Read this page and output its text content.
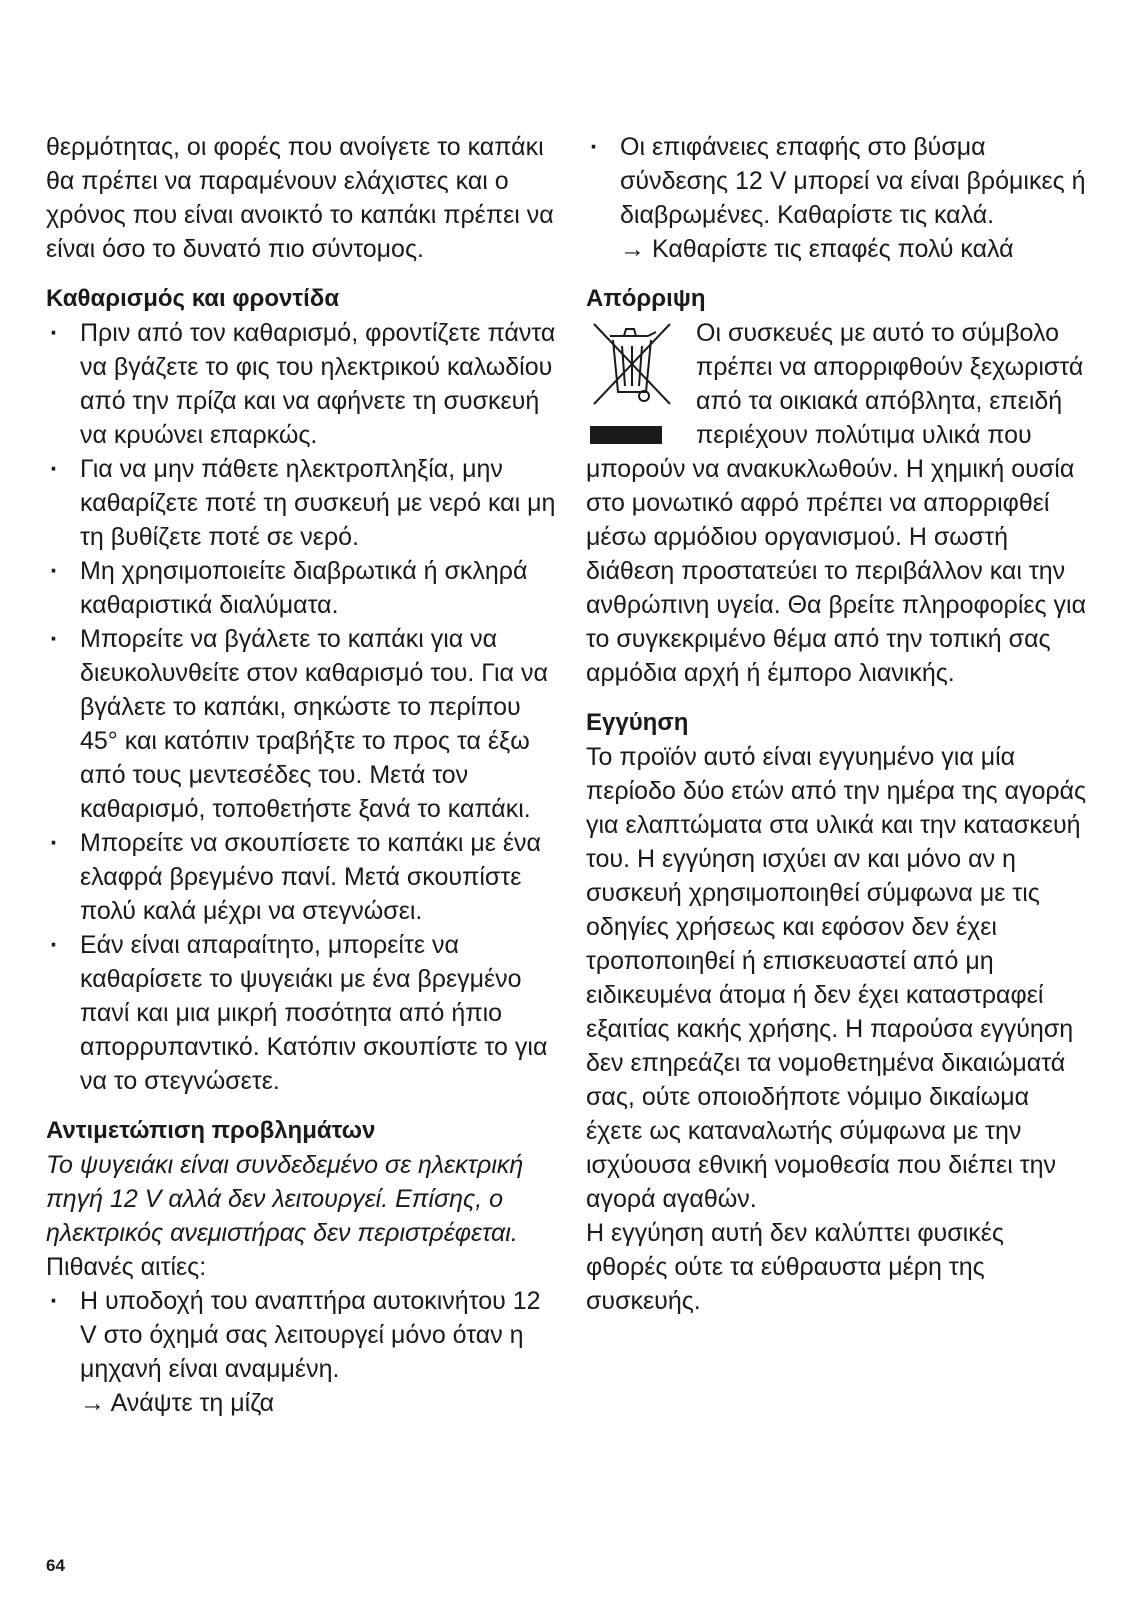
θερμότητας, οι φορές που ανοίγετε το καπάκι θα πρέπει να παραμένουν ελάχιστες και ο χρόνος που είναι ανοικτό το καπάκι πρέπει να είναι όσο το δυνατό πιο σύντομος.

Καθαρισμός και φροντίδα
· Πριν από τον καθαρισμό, φροντίζετε πάντα να βγάζετε το φις του ηλεκτρικού καλωδίου από την πρίζα και να αφήνετε τη συσκευή να κρυώνει επαρκώς.
· Για να μην πάθετε ηλεκτροπληξία, μην καθαρίζετε ποτέ τη συσκευή με νερό και μη τη βυθίζετε ποτέ σε νερό.
· Μη χρησιμοποιείτε διαβρωτικά ή σκληρά καθαριστικά διαλύματα.
· Μπορείτε να βγάλετε το καπάκι για να διευκολυνθείτε στον καθαρισμό του. Για να βγάλετε το καπάκι, σηκώστε το περίπου 45° και κατόπιν τραβήξτε το προς τα έξω από τους μεντεσέδες του. Μετά τον καθαρισμό, τοποθετήστε ξανά το καπάκι.
· Μπορείτε να σκουπίσετε το καπάκι με ένα ελαφρά βρεγμένο πανί. Μετά σκουπίστε πολύ καλά μέχρι να στεγνώσει.
· Εάν είναι απαραίτητο, μπορείτε να καθαρίσετε το ψυγειάκι με ένα βρεγμένο πανί και μια μικρή ποσότητα από ήπιο απορρυπαντικό. Κατόπιν σκουπίστε το για να το στεγνώσετε.
Αντιμετώπιση προβλημάτων

Το ψυγειάκι είναι συνδεδεμένο σε ηλεκτρική πηγή 12 V αλλά δεν λειτουργεί. Επίσης, ο ηλεκτρικός ανεμιστήρας δεν περιστρέφεται.

Πιθανές αιτίες:

· Η υποδοχή του αναπτήρα αυτοκινήτου 12 V στο όχημά σας λειτουργεί μόνο όταν η μηχανή είναι αναμμένη.

→ Ανάψτε τη μίζα

· Οι επιφάνειες επαφής στο βύσμα σύνδεσης 12 V μπορεί να είναι βρόμικες ή διαβρωμένες. Καθαρίστε τις καλά.

→ Καθαρίστε τις επαφές πολύ καλά

Απόρριψη

Οι συσκευές με αυτό το σύμβολο πρέπει να απορριφθούν ξεχωριστά από τα οικιακά απόβλητα, επειδή περιέχουν πολύτιμα υλικά που μπορούν να ανακυκλωθούν. Η χημική ουσία στο μονωτικό αφρό πρέπει να απορριφθεί μέσω αρμόδιου οργανισμού. Η σωστή διάθεση προστατεύει το περιβάλλον και την ανθρώπινη υγεία. Θα βρείτε πληροφορίες για το συγκεκριμένο θέμα από την τοπική σας αρμόδια αρχή ή έμπορο λιανικής.

Εγγύηση

Το προϊόν αυτό είναι εγγυημένο για μία περίοδο δύο ετών από την ημέρα της αγοράς για ελαπτώματα στα υλικά και την κατασκευή του. Η εγγύηση ισχύει αν και μόνο αν η συσκευή χρησιμοποιηθεί σύμφωνα με τις οδηγίες χρήσεως και εφόσον δεν έχει τροποποιηθεί ή επισκευαστεί από μη ειδικευμένα άτομα ή δεν έχει καταστραφεί εξαιτίας κακής χρήσης. Η παρούσα εγγύηση δεν επηρεάζει τα νομοθετημένα δικαιώματά σας, ούτε οποιοδήποτε νόμιμο δικαίωμα έχετε ως καταναλωτής σύμφωνα με την ισχύουσα εθνική νομοθεσία που διέπει την αγορά αγαθών.

Η εγγύηση αυτή δεν καλύπτει φυσικές φθορές ούτε τα εύθραυστα μέρη της συσκευής.

64
